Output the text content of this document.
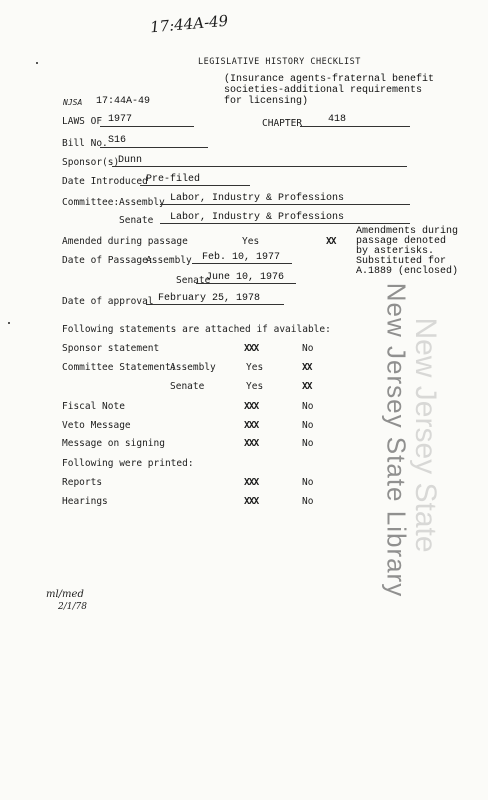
17:44A-49
LEGISLATIVE HISTORY CHECKLIST
(Insurance agents-fraternal benefit
societies-additional requirements
for licensing)
NJSA 17:44A-49
LAWS OF 1977	CHAPTER	418
Bill No. S16
Sponsor(s)
Dunn
Date Introduced
Pre-filed
Committee: Assembly Labor, Industry & Professions
Senate Labor, Industry & Professions
Amended during passage	Yes	XX
Amendments during
passage denoted
by asterisks.
Substituted for
A.1889 (enclosed)
Date of Passage:
Assembly Feb. 10, 1977
Senate
June 10, 1976
Date of approval February 25, 1978
Following statements are attached if available:
Sponsor statement	XXX	No
Committee Statement:
Assembly	Yes	XX
Senate	Yes	XX
Fiscal Note	XXX	No
Veto Message	XXX	No
Message on signing	XXX	No
Following were printed:
Reports	XXX	No
Hearings	XXX	No	New Jersey State
New Jersey State Library
ml/med
2/1/78
